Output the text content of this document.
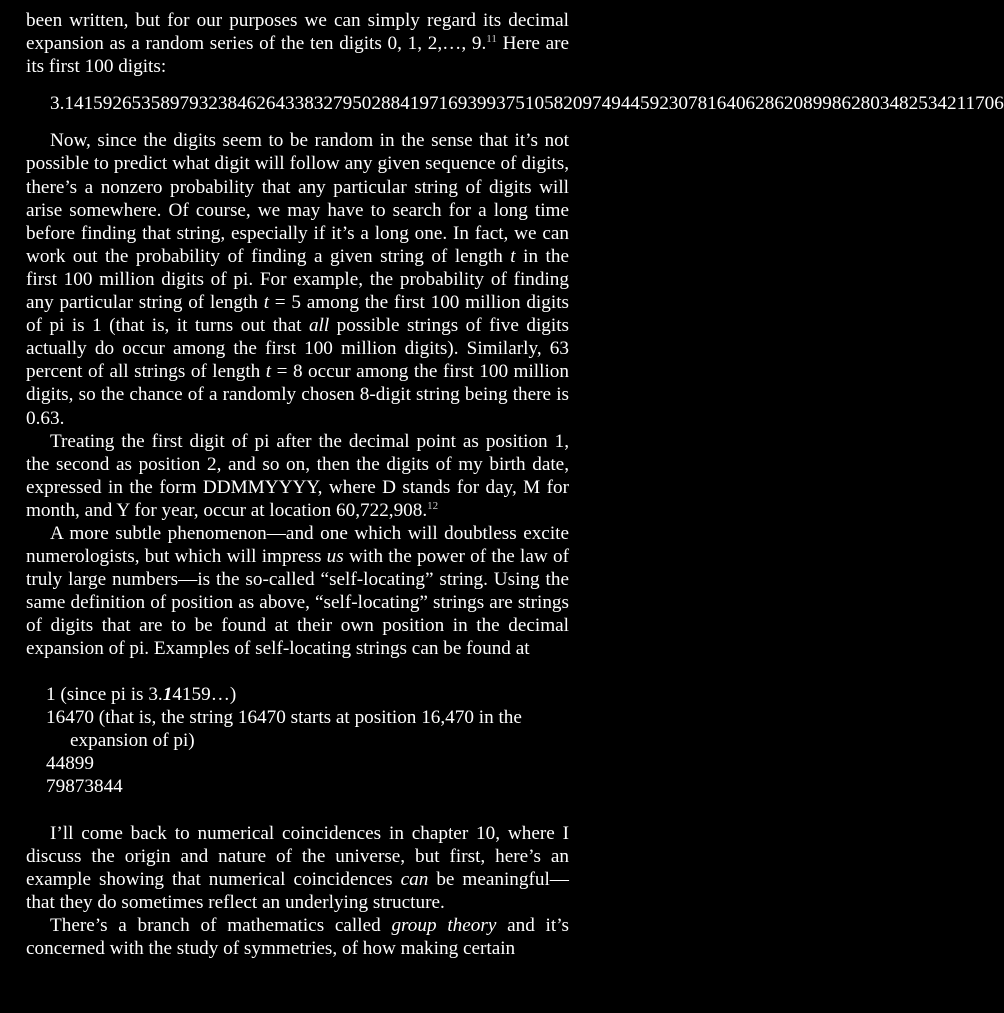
been written, but for our purposes we can simply regard its decimal expansion as a random series of the ten digits 0, 1, 2,…, 9.11 Here are its first 100 digits:

3.14159265358979323846264338327950288419716939937510582097494459230781640628620899862803482534211706

Now, since the digits seem to be random in the sense that it’s not possible to predict what digit will follow any given sequence of digits, there’s a nonzero probability that any particular string of digits will arise somewhere. Of course, we may have to search for a long time before finding that string, especially if it’s a long one. In fact, we can work out the probability of finding a given string of length t in the first 100 million digits of pi. For example, the probability of finding any particular string of length t = 5 among the first 100 million digits of pi is 1 (that is, it turns out that all possible strings of five digits actually do occur among the first 100 million digits). Similarly, 63 percent of all strings of length t = 8 occur among the first 100 million digits, so the chance of a randomly chosen 8-digit string being there is 0.63.

Treating the first digit of pi after the decimal point as position 1, the second as position 2, and so on, then the digits of my birth date, expressed in the form DDMMYYYY, where D stands for day, M for month, and Y for year, occur at location 60,722,908.12

A more subtle phenomenon—and one which will doubtless excite numerologists, but which will impress us with the power of the law of truly large numbers—is the so-called “self-locating” string. Using the same definition of position as above, “self-locating” strings are strings of digits that are to be found at their own position in the decimal expansion of pi. Examples of self-locating strings can be found at

1 (since pi is 3.14159…)
16470 (that is, the string 16470 starts at position 16,470 in the expansion of pi)
44899
79873844

I’ll come back to numerical coincidences in chapter 10, where I discuss the origin and nature of the universe, but first, here’s an example showing that numerical coincidences can be meaningful—that they do sometimes reflect an underlying structure.

There’s a branch of mathematics called group theory and it’s concerned with the study of symmetries, of how making certain
